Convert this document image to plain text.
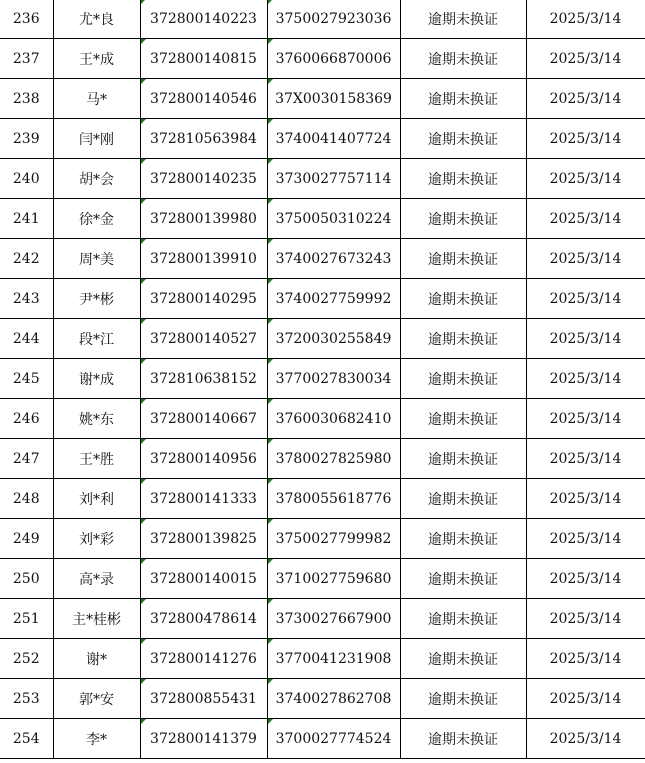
236	尤*良	372800140223	3750027923036	逾期未换证	2025/3/14
237	王*成	372800140815	3760066870006	逾期未换证	2025/3/14
238	马*	372800140546	37X0030158369	逾期未换证	2025/3/14
239	闫*刚	372810563984	3740041407724	逾期未换证	2025/3/14
240	胡*会	372800140235	3730027757114	逾期未换证	2025/3/14
241	徐*金	372800139980	3750050310224	逾期未换证	2025/3/14
242	周*美	372800139910	3740027673243	逾期未换证	2025/3/14
243	尹*彬	372800140295	3740027759992	逾期未换证	2025/3/14
244	段*江	372800140527	3720030255849	逾期未换证	2025/3/14
245	谢*成	372810638152	3770027830034	逾期未换证	2025/3/14
246	姚*东	372800140667	3760030682410	逾期未换证	2025/3/14
247	王*胜	372800140956	3780027825980	逾期未换证	2025/3/14
248	刘*利	372800141333	3780055618776	逾期未换证	2025/3/14
249	刘*彩	372800139825	3750027799982	逾期未换证	2025/3/14
250	高*录	372800140015	3710027759680	逾期未换证	2025/3/14
251	主*桂彬	372800478614	3730027667900	逾期未换证	2025/3/14
252	谢*	372800141276	3770041231908	逾期未换证	2025/3/14
253	郭*安	372800855431	3740027862708	逾期未换证	2025/3/14
254	李*	372800141379	3700027774524	逾期未换证	2025/3/14
